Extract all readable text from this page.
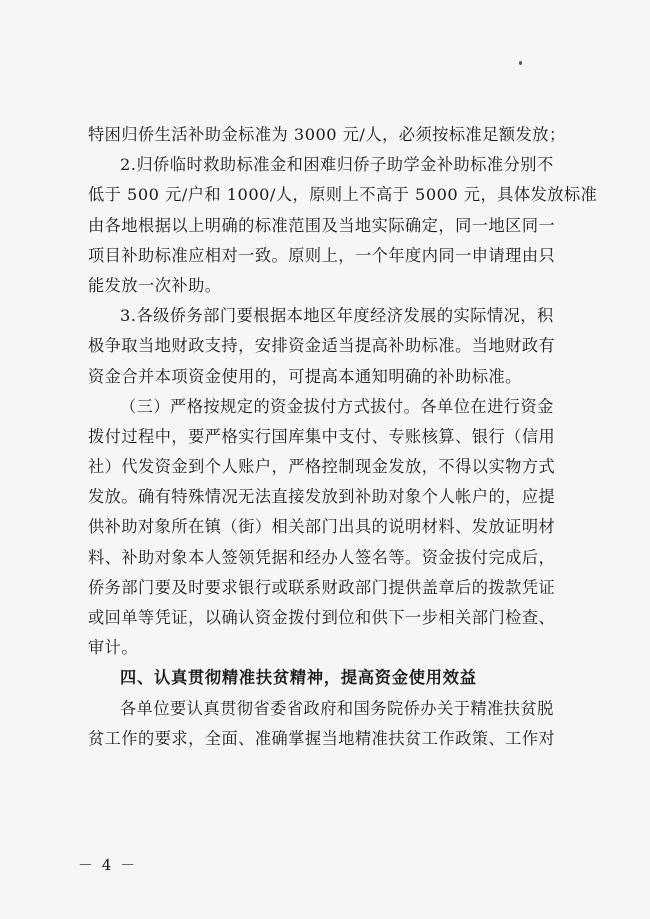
特困归侨生活补助金标准为 3000 元/人，必须按标准足额发放；
2.归侨临时救助标准金和困难归侨子助学金补助标准分别不
低于 500 元/户和 1000/人，原则上不高于 5000 元，具体发放标准
由各地根据以上明确的标准范围及当地实际确定，同一地区同一
项目补助标准应相对一致。原则上，一个年度内同一申请理由只
能发放一次补助。
3.各级侨务部门要根据本地区年度经济发展的实际情况，积
极争取当地财政支持，安排资金适当提高补助标准。当地财政有
资金合并本项资金使用的，可提高本通知明确的补助标准。
（三）严格按规定的资金拔付方式拔付。各单位在进行资金
拨付过程中，要严格实行国库集中支付、专账核算、银行（信用
社）代发资金到个人账户，严格控制现金发放，不得以实物方式
发放。确有特殊情况无法直接发放到补助对象个人帐户的，应提
供补助对象所在镇（街）相关部门出具的说明材料、发放证明材
料、补助对象本人签领凭据和经办人签名等。资金拔付完成后，
侨务部门要及时要求银行或联系财政部门提供盖章后的拨款凭证
或回单等凭证，以确认资金拨付到位和供下一步相关部门检查、
审计。
四、认真贯彻精准扶贫精神，提高资金使用效益
各单位要认真贯彻省委省政府和国务院侨办关于精准扶贫脱
贫工作的要求，全面、准确掌握当地精准扶贫工作政策、工作对
－ 4 －
